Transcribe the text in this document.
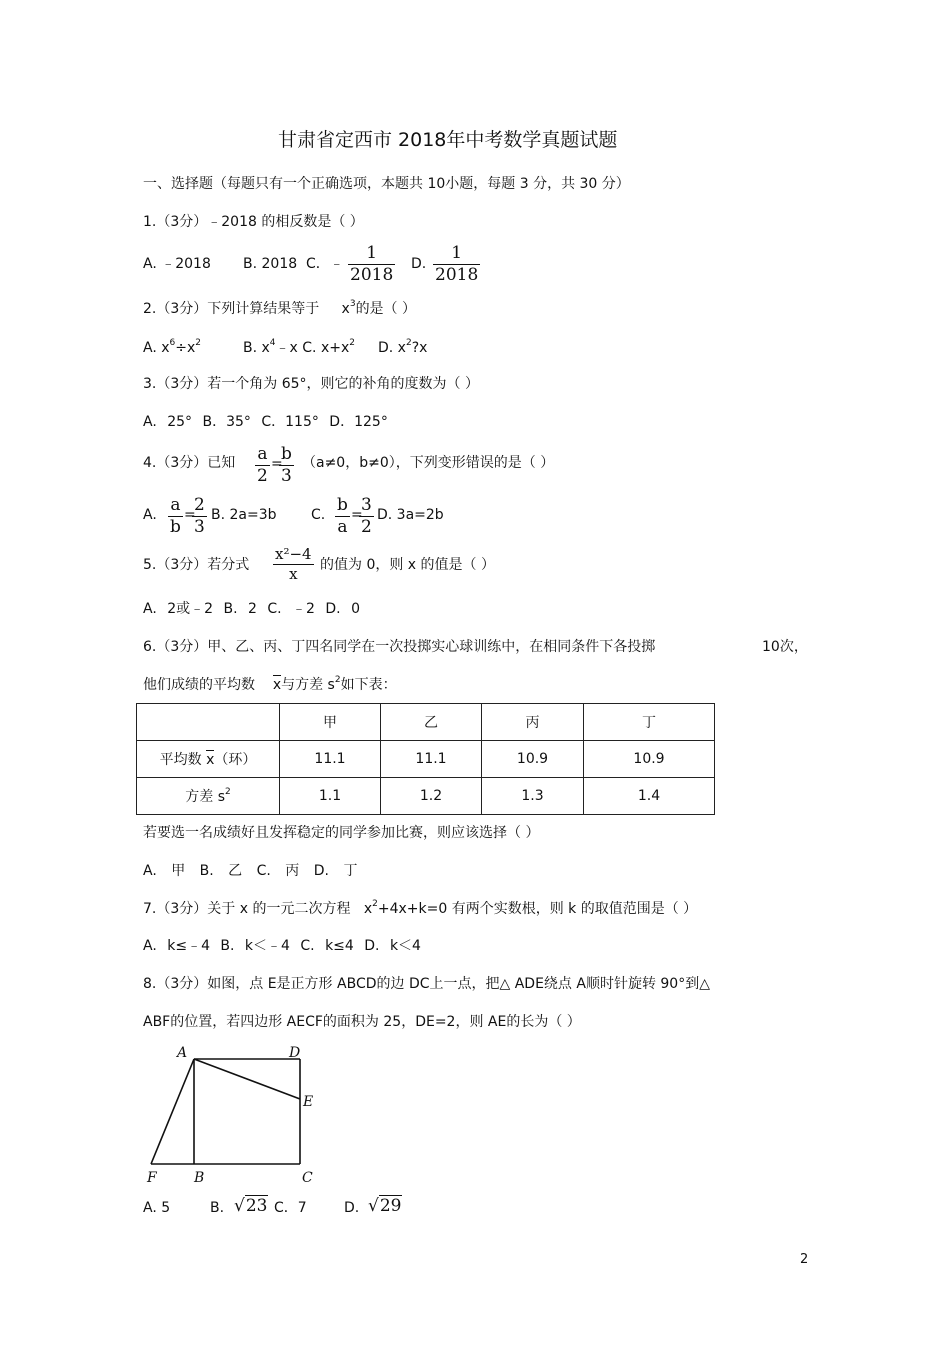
甘肃省定西市 2018年中考数学真题试题
一、选择题（每题只有一个正确选项，本题共 10小题，每题 3 分，共 30 分）
1.（3分）﹣2018 的相反数是（ ）
A. ﹣2018 B. 2018 C．﹣
1
2018
D.
1
2018
2.（3分）下列计算结果等于 $x^3$的是（ ）
A. $x^6\div x^2$	B. $x^4﹣x$ C. $x+x^2$ D. $x^2?x$
3.（3分）若一个角为 65°，则它的补角的度数为（ ）
A. 25° B．35° C．115° D．125°
4.（3分）已知 a
2
=
b
3
（a≠0，b≠0），下列变形错误的是（ ）
A. a
b
=
2
3
B. 2a=3b C. b
a
=
3
2
D. 3a=2b
5.（3分）若分式
x²−4
x	的值为 0，则 x 的值是（ ）
A. 2或﹣2 B. 2 C. ﹣2 D. 0
6.（3分）甲、乙、丙、丁四名同学在一次投掷实心球训练中，在相同条件下各投掷	10次，
他们成绩的平均数 x与方差 $s^2$如下表：
	甲	乙	丙	丁
平均数 x（环）	11.1	11.1	10.9	10.9
方差 $s^2$	1.1	1.2	1.3	1.4
若要选一名成绩好且发挥稳定的同学参加比赛，则应该选择（ ）
A. 甲 B. 乙 C. 丙 D. 丁
7.（3分）关于 x 的一元二次方程 $x^2+4x+k=0$ 有两个实数根，则 k 的取值范围是（ ）
A. k≤﹣4 B. k＜﹣4 C. k≤4 D. k＜4
8.（3分）如图，点 E是正方形 ABCD的边 DC上一点，把△ ADE绕点 A顺时针旋转 90°到△
ABF的位置，若四边形 AECF的面积为 25，DE=2，则 AE的长为（ ）
A	D
E
F	B	C
A. 5	B. √23 C．7	D. √29
2
